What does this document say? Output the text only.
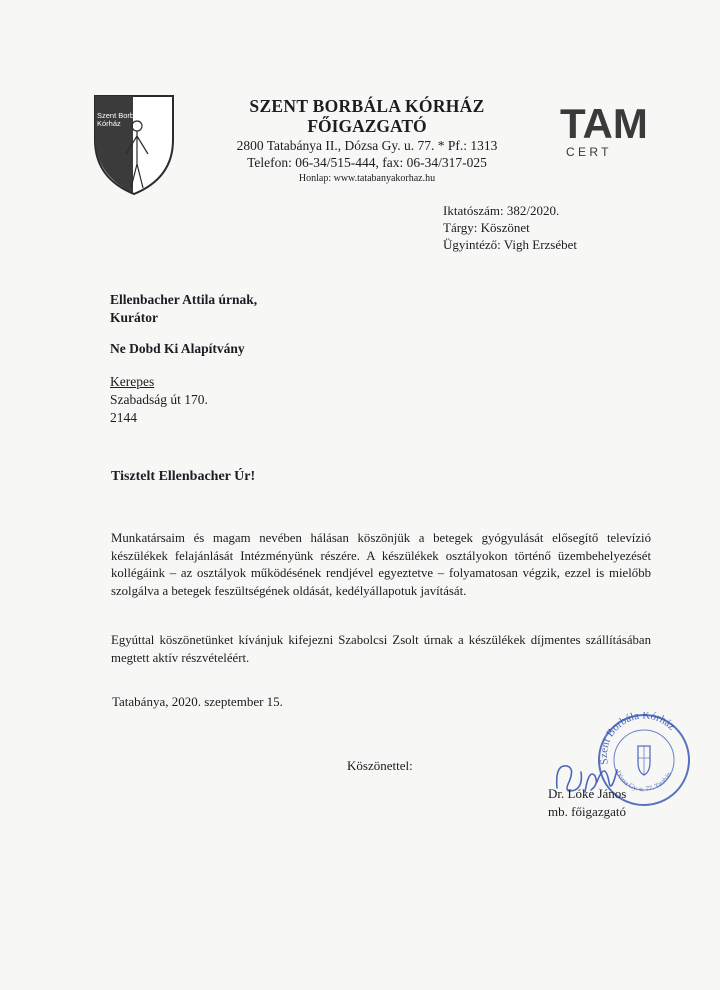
Szent Borbála
Kórház
SZENT BORBÁLA KÓRHÁZ
FŐIGAZGATÓ
2800 Tatabánya II., Dózsa Gy. u. 77. * Pf.: 1313
Telefon: 06-34/515-444, fax: 06-34/317-025
Honlap: www.tatabanyakorhaz.hu
TAM
C E R T
Iktatószám: 382/2020.
Tárgy: Köszönet
Ügyintéző: Vigh Erzsébet
Ellenbacher Attila úrnak,
Kurátor
Ne Dobd Ki Alapítvány
Kerepes
Szabadság út 170.
2144
Tisztelt Ellenbacher Úr!
Munkatársaim és magam nevében hálásan köszönjük a betegek gyógyulását elősegítő televízió készülékek felajánlását Intézményünk részére. A készülékek osztályokon történő üzembehelyezését kollégáink – az osztályok működésének rendjével egyeztetve – folyamatosan végzik, ezzel is mielőbb szolgálva a betegek feszültségének oldását, kedélyállapotuk javítását.
Egyúttal köszönetünket kívánjuk kifejezni Szabolcsi Zsolt úrnak a készülékek díjmentes szállításában megtett aktív részvételéért.
Tatabánya, 2020. szeptember 15.
Köszönettel:	Szent Borbála Kórház
Dózsa Gy. u. 77. Tatabán
Dr. Lóke János
mb. főigazgató
